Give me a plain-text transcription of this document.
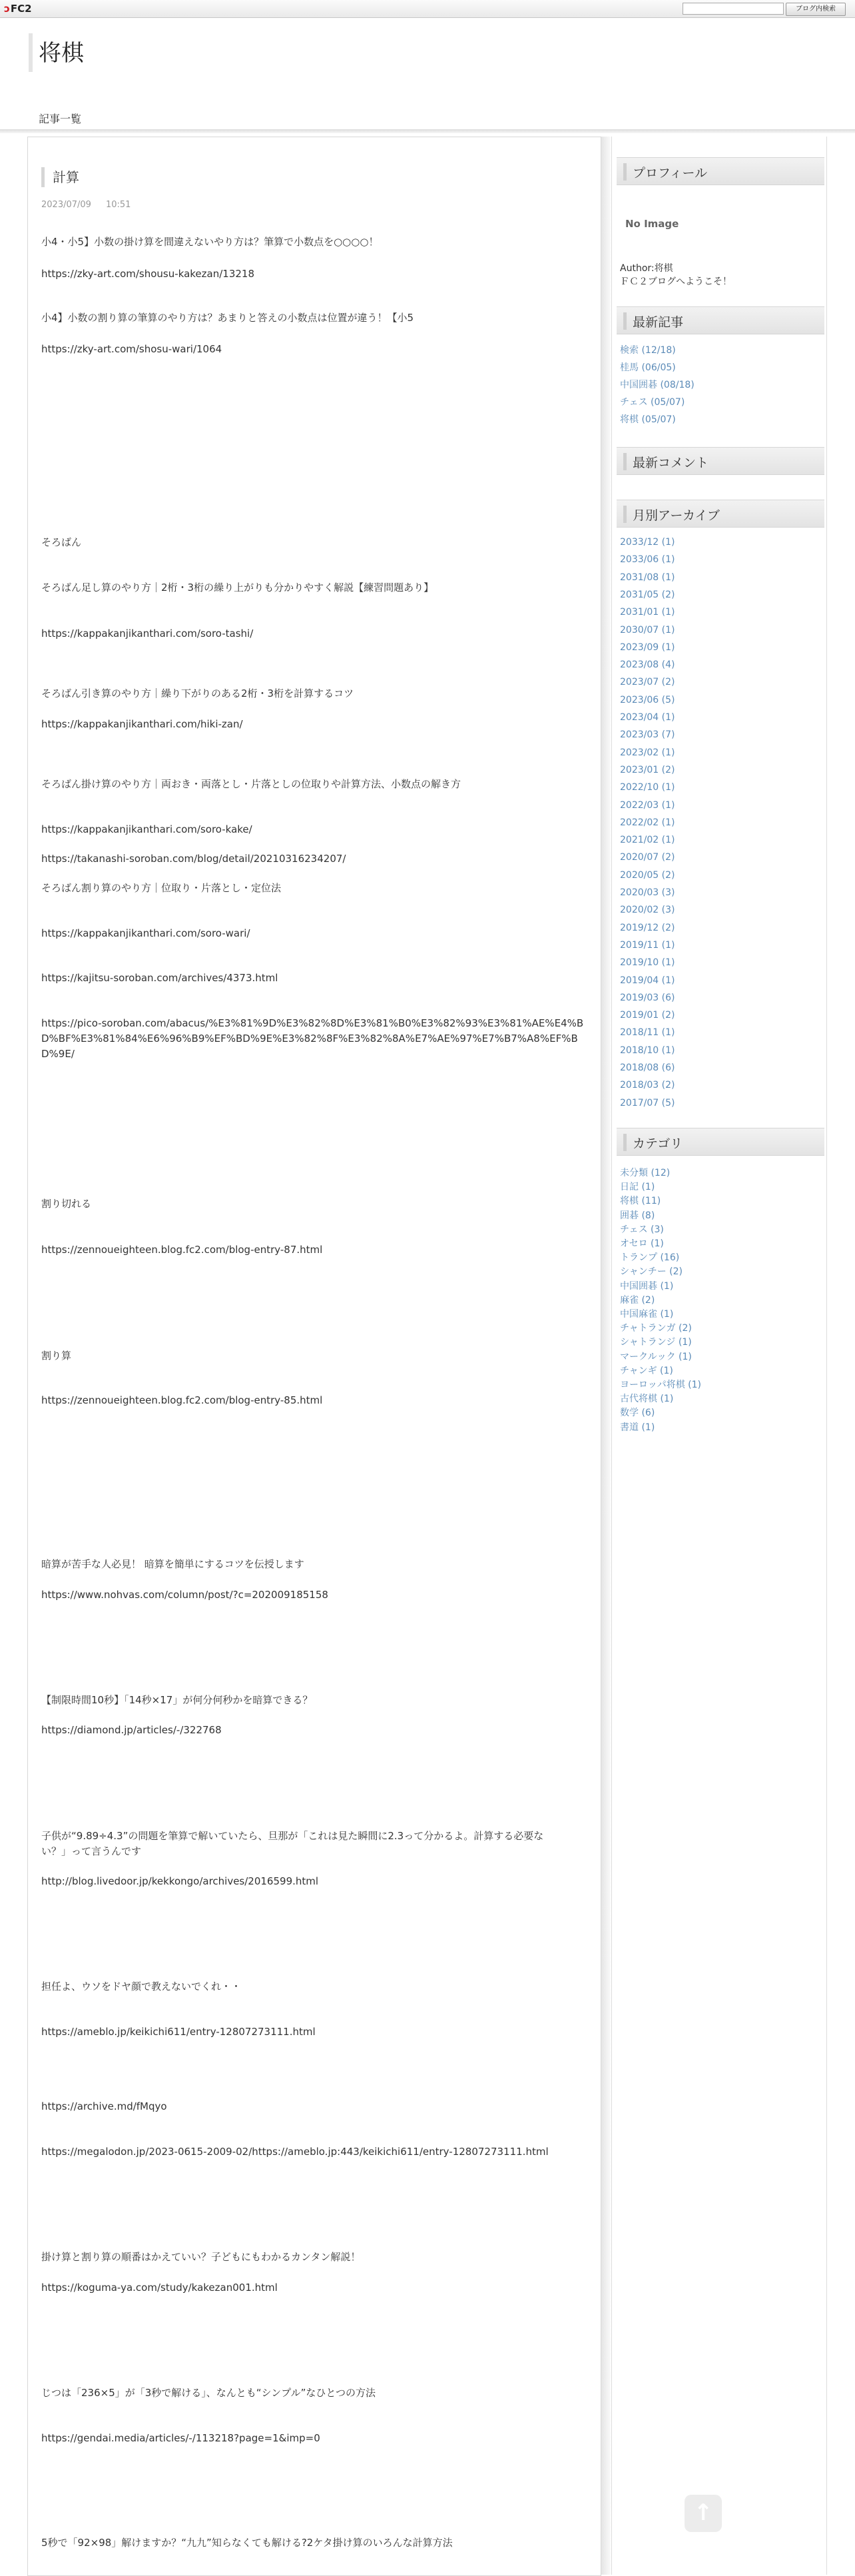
ↄFC2	ブログ内検索
将棋
記事一覧
計算
2023/07/09 10:51
小4・小5】小数の掛け算を間違えないやり方は？筆算で小数点を○○○○！
https://zky-art.com/shousu-kakezan/13218
小4】小数の割り算の筆算のやり方は？あまりと答えの小数点は位置が違う！【小5
https://zky-art.com/shosu-wari/1064
そろばん
そろばん足し算のやり方｜2桁・3桁の繰り上がりも分かりやすく解説【練習問題あり】
https://kappakanjikanthari.com/soro-tashi/
そろばん引き算のやり方｜繰り下がりのある2桁・3桁を計算するコツ
https://kappakanjikanthari.com/hiki-zan/
そろばん掛け算のやり方｜両おき・両落とし・片落としの位取りや計算方法、小数点の解き方
https://kappakanjikanthari.com/soro-kake/
https://takanashi-soroban.com/blog/detail/20210316234207/
そろばん割り算のやり方｜位取り・片落とし・定位法
https://kappakanjikanthari.com/soro-wari/
https://kajitsu-soroban.com/archives/4373.html
https://pico-soroban.com/abacus/%E3%81%9D%E3%82%8D%E3%81%B0%E3%82%93%E3%81%AE%E4%B
D%BF%E3%81%84%E6%96%B9%EF%BD%9E%E3%82%8F%E3%82%8A%E7%AE%97%E7%B7%A8%EF%B
D%9E/
割り切れる
https://zennoueighteen.blog.fc2.com/blog-entry-87.html
割り算
https://zennoueighteen.blog.fc2.com/blog-entry-85.html
暗算が苦手な人必見！ 暗算を簡単にするコツを伝授します
https://www.nohvas.com/column/post/?c=202009185158
【制限時間10秒】「14秒×17」が何分何秒かを暗算できる？
https://diamond.jp/articles/-/322768
子供が“9.89÷4.3”の問題を筆算で解いていたら、旦那が「これは見た瞬間に2.3って分かるよ。計算する必要な
い？」って言うんです
http://blog.livedoor.jp/kekkongo/archives/2016599.html
担任よ、ウソをドヤ顔で教えないでくれ・・
https://ameblo.jp/keikichi611/entry-12807273111.html
https://archive.md/fMqyo
https://megalodon.jp/2023-0615-2009-02/https://ameblo.jp:443/keikichi611/entry-12807273111.html
掛け算と割り算の順番はかえていい？子どもにもわかるカンタン解説！
https://koguma-ya.com/study/kakezan001.html
じつは「236×5」が「3秒で解ける」、なんとも“シンプル”なひとつの方法
https://gendai.media/articles/-/113218?page=1&imp=0
5秒で「92×98」解けますか？“九九”知らなくても解ける?2ケタ掛け算のいろんな計算方法
プロフィール
No Image
Author:将棋
ＦＣ２ブログへようこそ！
最新記事
検索 (12/18)
桂馬 (06/05)
中国囲碁 (08/18)
チェス (05/07)
将棋 (05/07)
最新コメント
月別アーカイブ
2033/12 (1)
2033/06 (1)
2031/08 (1)
2031/05 (2)
2031/01 (1)
2030/07 (1)
2023/09 (1)
2023/08 (4)
2023/07 (2)
2023/06 (5)
2023/04 (1)
2023/03 (7)
2023/02 (1)
2023/01 (2)
2022/10 (1)
2022/03 (1)
2022/02 (1)
2021/02 (1)
2020/07 (2)
2020/05 (2)
2020/03 (3)
2020/02 (3)
2019/12 (2)
2019/11 (1)
2019/10 (1)
2019/04 (1)
2019/03 (6)
2019/01 (2)
2018/11 (1)
2018/10 (1)
2018/08 (6)
2018/03 (2)
2017/07 (5)
カテゴリ
未分類 (12)
日記 (1)
将棋 (11)
囲碁 (8)
チェス (3)
オセロ (1)
トランプ (16)
シャンチー (2)
中国囲碁 (1)
麻雀 (2)
中国麻雀 (1)
チャトランガ (2)
シャトランジ (1)
マークルック (1)
チャンギ (1)
ヨーロッパ将棋 (1)
古代将棋 (1)
数学 (6)
書道 (1)
↑
